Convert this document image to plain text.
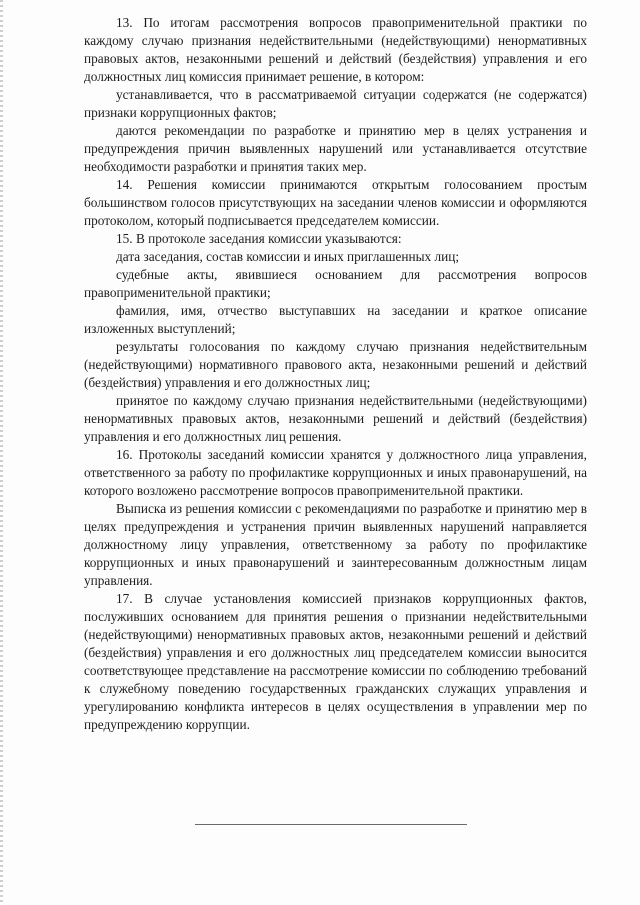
13. По итогам рассмотрения вопросов правоприменительной практики по каждому случаю признания недействительными (недействующими) ненормативных правовых актов, незаконными решений и действий (бездействия) управления и его должностных лиц комиссия принимает решение, в котором:

устанавливается, что в рассматриваемой ситуации содержатся (не содержатся) признаки коррупционных фактов;

даются рекомендации по разработке и принятию мер в целях устранения и предупреждения причин выявленных нарушений или устанавливается отсутствие необходимости разработки и принятия таких мер.

14. Решения комиссии принимаются открытым голосованием простым большинством голосов присутствующих на заседании членов комиссии и оформляются протоколом, который подписывается председателем комиссии.

15. В протоколе заседания комиссии указываются:

дата заседания, состав комиссии и иных приглашенных лиц;

судебные акты, явившиеся основанием для рассмотрения вопросов правоприменительной практики;

фамилия, имя, отчество выступавших на заседании и краткое описание изложенных выступлений;

результаты голосования по каждому случаю признания недействительным (недействующими) нормативного правового акта, незаконными решений и действий (бездействия) управления и его должностных лиц;

принятое по каждому случаю признания недействительными (недействующими) ненормативных правовых актов, незаконными решений и действий (бездействия) управления и его должностных лиц решения.

16. Протоколы заседаний комиссии хранятся у должностного лица управления, ответственного за работу по профилактике коррупционных и иных правонарушений, на которого возложено рассмотрение вопросов правоприменительной практики.

Выписка из решения комиссии с рекомендациями по разработке и принятию мер в целях предупреждения и устранения причин выявленных нарушений направляется должностному лицу управления, ответственному за работу по профилактике коррупционных и иных правонарушений и заинтересованным должностным лицам управления.

17. В случае установления комиссией признаков коррупционных фактов, послуживших основанием для принятия решения о признании недействительными (недействующими) ненормативных правовых актов, незаконными решений и действий (бездействия) управления и его должностных лиц председателем комиссии выносится соответствующее представление на рассмотрение комиссии по соблюдению требований к служебному поведению государственных гражданских служащих управления и урегулированию конфликта интересов в целях осуществления в управлении мер по предупреждению коррупции.
